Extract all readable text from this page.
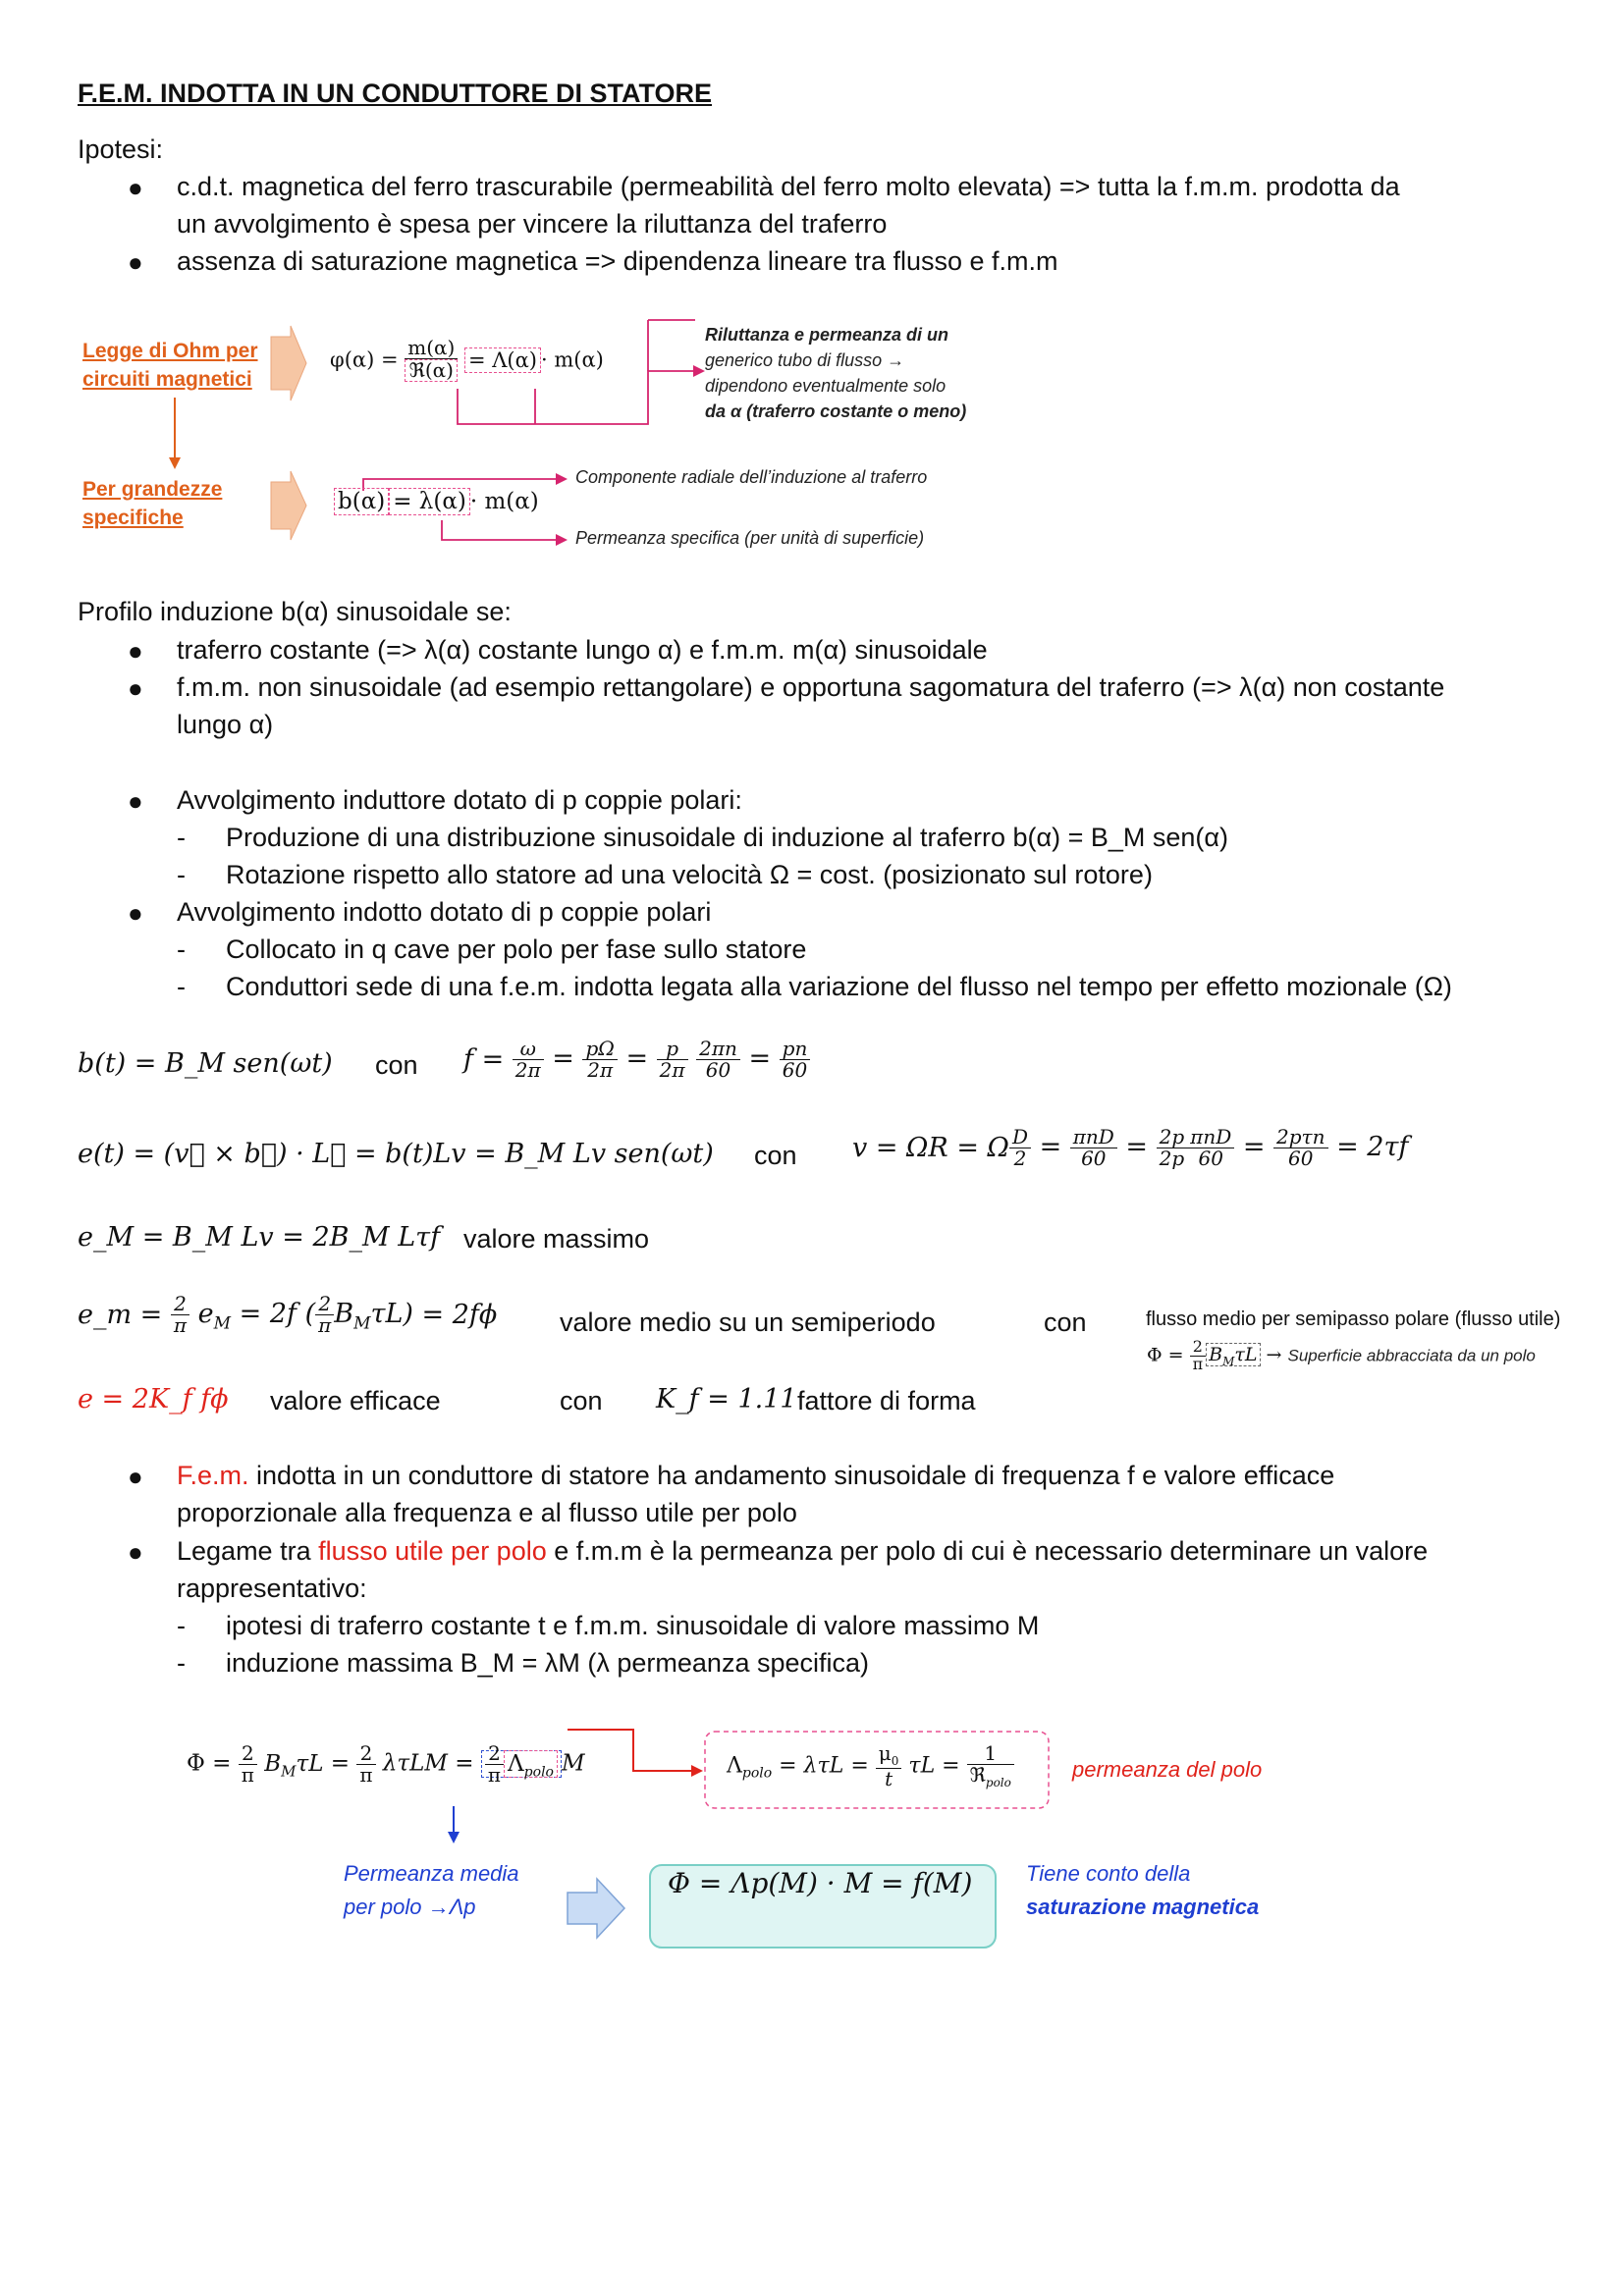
F.E.M. INDOTTA IN UN CONDUTTORE DI STATORE
Ipotesi:
● c.d.t. magnetica del ferro trascurabile (permeabilità del ferro molto elevata) => tutta la f.m.m. prodotta da
un avvolgimento è spesa per vincere la riluttanza del traferro
● assenza di saturazione magnetica => dipendenza lineare tra flusso e f.m.m
Legge di Ohm per
circuiti magnetici
Per grandezze
specifiche
$\varphi(\alpha) = \frac{m(\alpha)}{\text{ℜ(α)}} = \Lambda(\alpha) \cdot m(\alpha)$
Riluttanza e permeanza di un
generico tubo di flusso →
dipendono eventualmente solo
da α (traferro costante o meno)
b(α) = λ(α) · m(α)
Componente radiale dell’induzione al traferro
Permeanza specifica (per unità di superficie)
Profilo induzione b(α) sinusoidale se:
● traferro costante (=> λ(α) costante lungo α) e f.m.m. m(α) sinusoidale
● f.m.m. non sinusoidale (ad esempio rettangolare) e opportuna sagomatura del traferro (=> λ(α) non costante
lungo α)
● Avvolgimento induttore dotato di p coppie polari:
- Produzione di una distribuzione sinusoidale di induzione al traferro b(α) = B_M sen(α)
- Rotazione rispetto allo statore ad una velocità Ω = cost. (posizionato sul rotore)
● Avvolgimento indotto dotato di p coppie polari
- Collocato in q cave per polo per fase sullo statore
- Conduttori sede di una f.e.m. indotta legata alla variazione del flusso nel tempo per effetto mozionale (Ω)
b(t) = B_M sen(ωt) con $f = \frac{\omega}{2\pi} = \frac{p\Omega}{2\pi} = \frac{p}{2\pi}$
$\frac{2\pi n}{60} = \frac{pn}{60}$
e(t) = (v⃗ × b⃗) · L⃗ = b(t)Lv = B_M Lv sen(ωt) con v = ΩR = Ω $\frac{D}{2} = \frac{\text{πnD}}{60} = \frac{2p}{2p} \frac{\text{πnD}}{60} = \frac{\text{2pτn}}{60} = 2\tau f$
e_M = B_M Lv = 2B_M Lτf valore massimo
e_m = $\frac{2}{\pi} e_M = 2f$ ( $\frac{2}{\pi} B_M\tau L) = 2f\phi$ valore medio su un semiperiodo	con	flusso medio per semipasso polare (flusso utile)
$\Phi = \frac{2}{\pi} B_M\tau L$ → Superficie abbracciata da un polo
e = 2K_f fϕ valore efficace	con K_f = 1.11 fattore di forma
● F.e.m. indotta in un conduttore di statore ha andamento sinusoidale di frequenza f e valore efficace
proporzionale alla frequenza e al flusso utile per polo
● Legame tra flusso utile per polo e f.m.m è la permeanza per polo di cui è necessario determinare un valore
rappresentativo:
- ipotesi di traferro costante t e f.m.m. sinusoidale di valore massimo M
- induzione massima B_M = λM (λ permeanza specifica)
$\Phi = \frac{2}{\pi} B_M\tau L = \frac{2}{\pi}$ $\lambda\tau LM = \frac{2}{\pi} \Lambda_{polo}$ M	$\Lambda_{polo} = \lambda\tau L = \frac{\mu_0}{t}$ $\tau L = \frac{1}{ℜ_{polo}}$	permeanza del polo
Permeanza media
per polo →Λp
Φ = Λp(M) · M = f(M) Tiene conto della
saturazione magnetica
